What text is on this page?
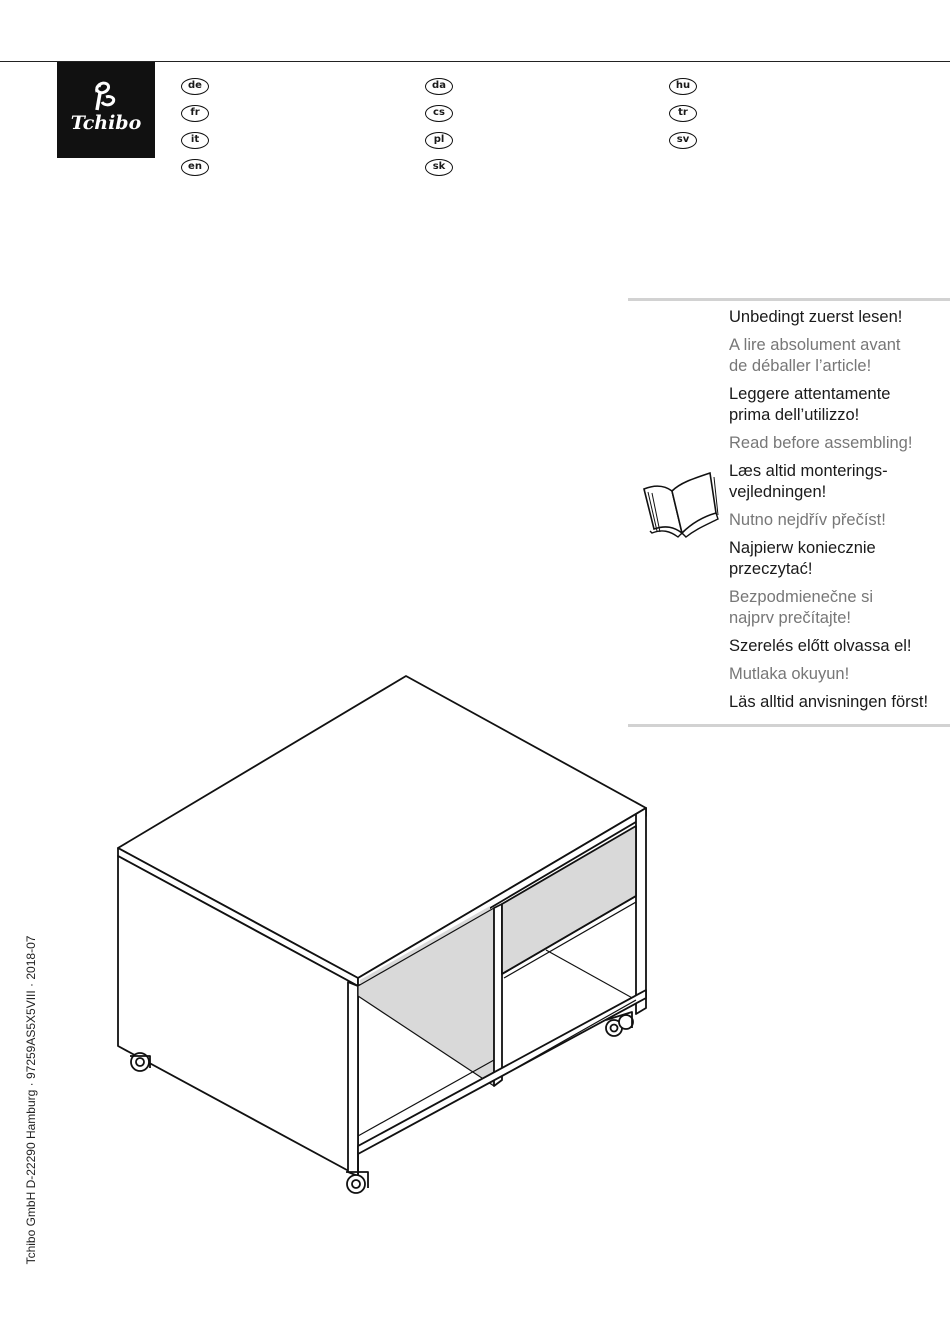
Tchibo
de
fr
it
en
da
cs
pl
sk
hu
tr
sv
Unbedingt zuerst lesen!
A lire absolument avant
de déballer l’article!
Leggere attentamente
prima dell’utilizzo!
Read before assembling!
Læs altid monterings-
vejledningen!
Nutno nejdřív přečíst!
Najpierw koniecznie
przeczytać!
Bezpodmienečne si
najprv prečítajte!
Szerelés előtt olvassa el!
Mutlaka okuyun!
Läs alltid anvisningen först!
Tchibo GmbH D-22290 Hamburg · 97259AS5X5VIII · 2018-07
